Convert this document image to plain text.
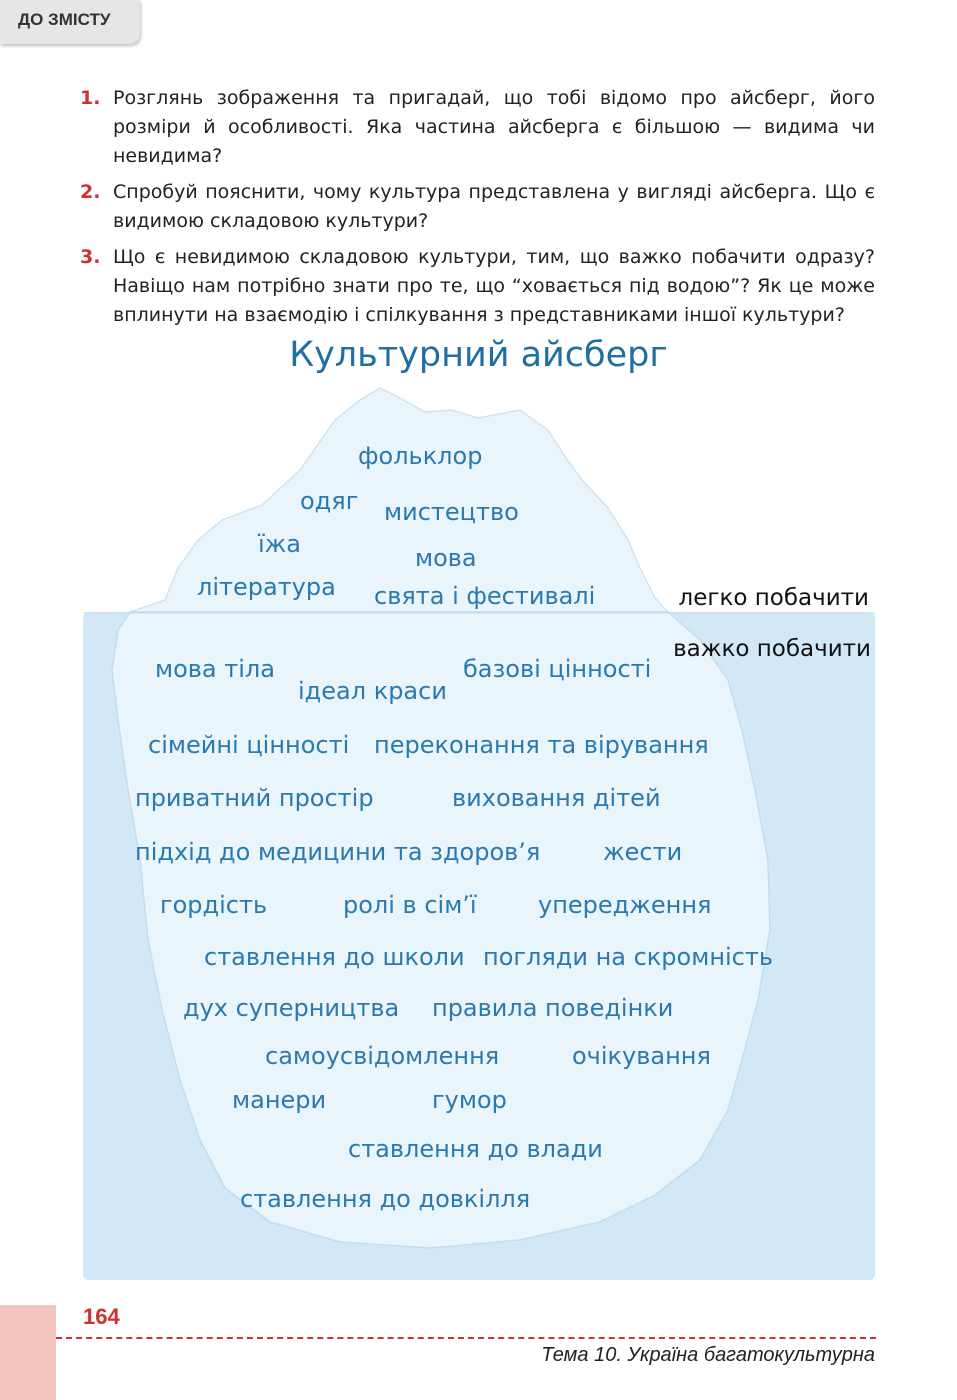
ДО ЗМІСТУ
1. Розглянь зображення та пригадай, що тобі відомо про айсберг, його розміри й особливості. Яка частина айсберга є більшою — видима чи невидима?
2. Спробуй пояснити, чому культура представлена у вигляді айсберга. Що є видимою складовою культури?
3. Що є невидимою складовою культури, тим, що важко побачити одразу? Навіщо нам потрібно знати про те, що “ховається під водою”? Як це може вплинути на взаємодію і спілкування з представниками іншої культури?
Культурний айсберг
фольклор
одяг мистецтво
їжа	мова
література свята і фестивалі	легко побачити
важко побачити
мова тіла	базові цінності
ідеал краси
сімейні цінності переконання та вірування
приватний простір	виховання дітей
підхід до медицини та здоров’я	жести
гордість	ролі в сім’ї	упередження
ставлення до школи погляди на скромність
дух суперництва правила поведінки
самоусвідомлення	очікування
манери	гумор
ставлення до влади
ставлення до довкілля
164
Тема 10. Україна багатокультурна
